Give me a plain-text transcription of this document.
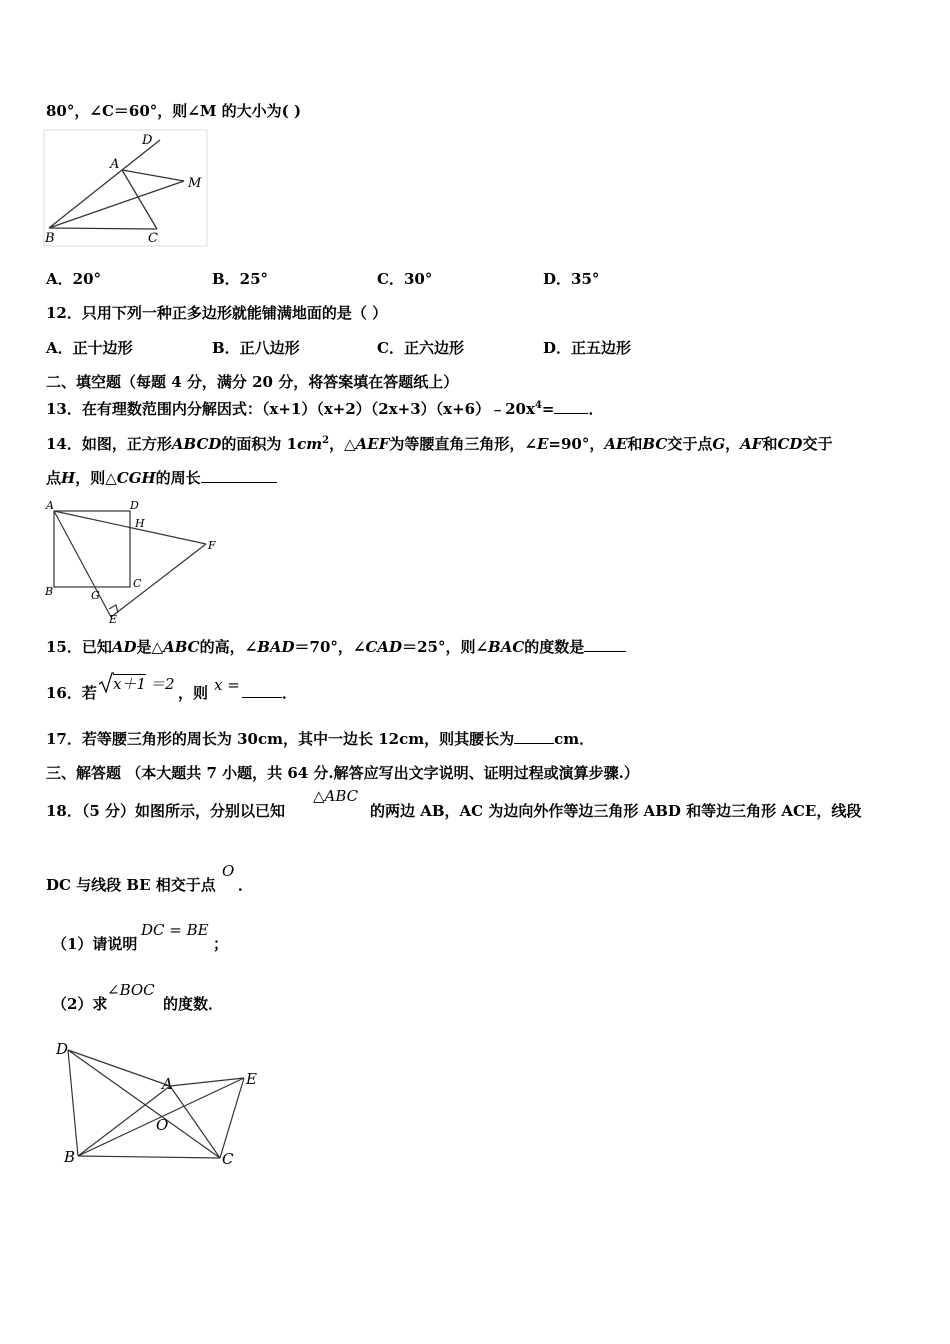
80°，∠C＝60°，则∠M 的大小为( )
D
A
M
B	C
A．20°	B．25°	C．30°	D．35°
12．只用下列一种正多边形就能铺满地面的是（ ）
A．正十边形	B．正八边形	C．正六边形	D．正五边形
二、填空题（每题 4 分，满分 20 分，将答案填在答题纸上）
13．在有理数范围内分解因式：$(x+1)(x+2)(2x+3)(x+6)﹣20x^4=$ ．
14．如图，正方形ABCD的面积为 $1cm^2$，△AEF为等腰直角三角形，∠E=90°，AE和BC交于点G，AF和CD交于
点H，则△CGH的周长
A	D
H
F
B	G
C
E
15．已知AD是△ABC的高，∠BAD＝70°，∠CAD＝25°，则∠BAC的度数是
16．若 x＋1 ＝2 ，则 x =	．
17．若等腰三角形的周长为 30cm，其中一边长 12cm，则其腰长为	cm．
三、解答题 （本大题共 7 小题，共 64 分.解答应写出文字说明、证明过程或演算步骤.）
18．（5 分）如图所示，分别以已知
△ABC
的两边 AB，AC 为边向外作等边三角形 ABD 和等边三角形 ACE，线段
DC 与线段 BE 相交于点
O
．
（1）请说明
DC = BE
；
（2）求
∠BOC
的度数．
D
A	E
O
B	C
